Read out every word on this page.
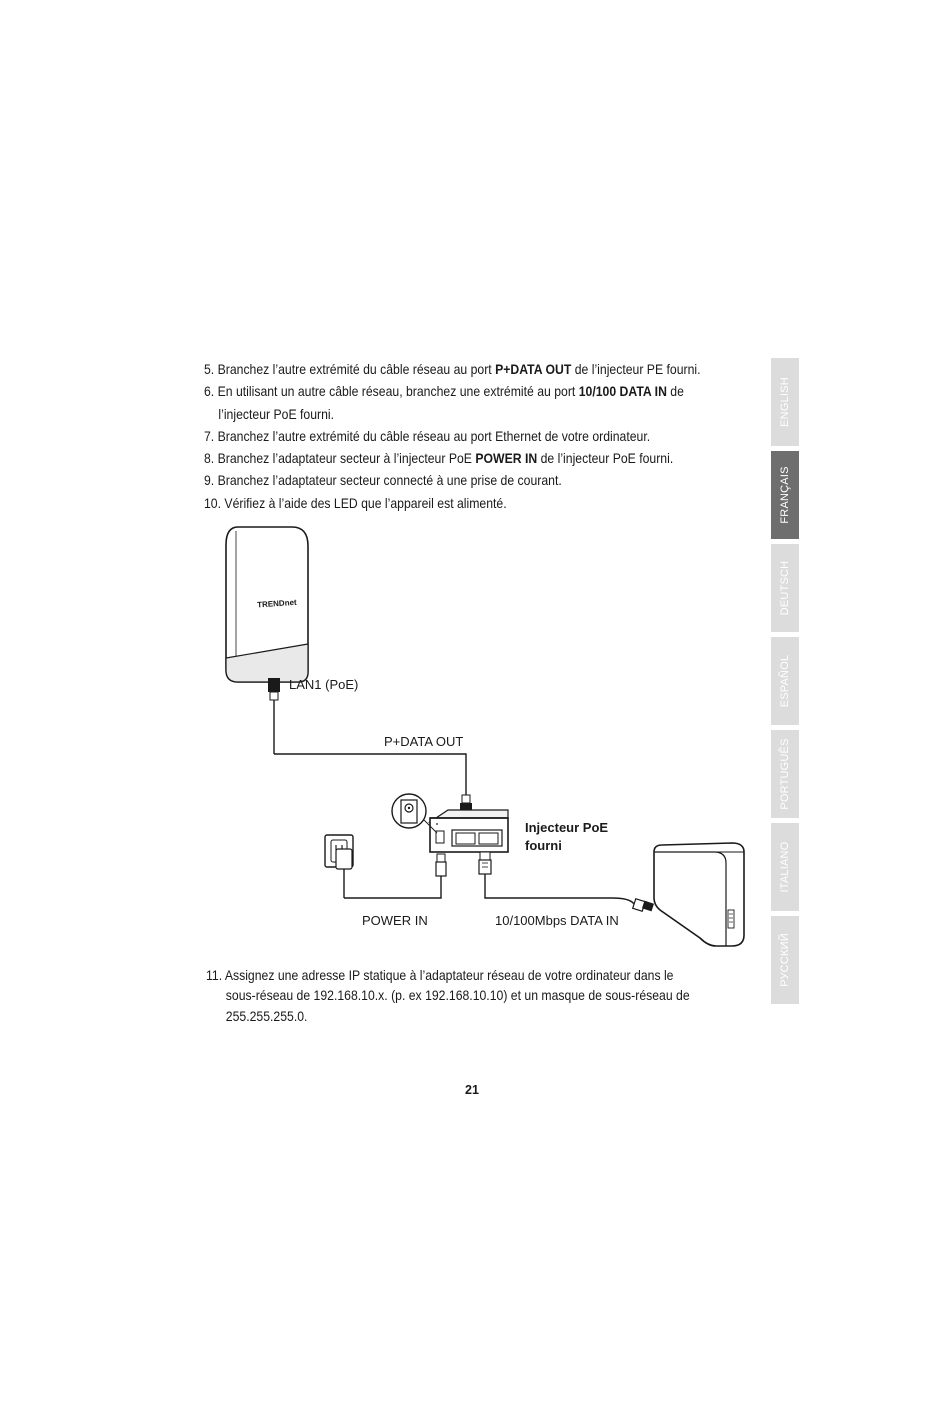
5. Branchez l’autre extrémité du câble réseau au port P+DATA OUT de l’injecteur PE fourni.
6. En utilisant un autre câble réseau, branchez une extrémité au port 10/100 DATA IN de
l’injecteur PoE fourni.
7. Branchez l’autre extrémité du câble réseau au port Ethernet de votre ordinateur.
8. Branchez l’adaptateur secteur à l’injecteur PoE POWER IN de l’injecteur PoE fourni.
9. Branchez l’adaptateur secteur connecté à une prise de courant.
10. Vérifiez à l’aide des LED que l’appareil est alimenté.
TRENDnet
LAN1 (PoE)
P+DATA OUT
Injecteur PoE
fourni
POWER IN	10/100Mbps DATA IN

11. Assignez une adresse IP statique à l’adaptateur réseau de votre ordinateur dans le
sous-réseau de 192.168.10.x. (p. ex 192.168.10.10) et un masque de sous-réseau de
255.255.255.0.

21
ENGLISH
FRANÇAIS
DEUTSCH
ESPAÑOL
PORTUGUÊS
ITALIANO
РУССКИЙ
